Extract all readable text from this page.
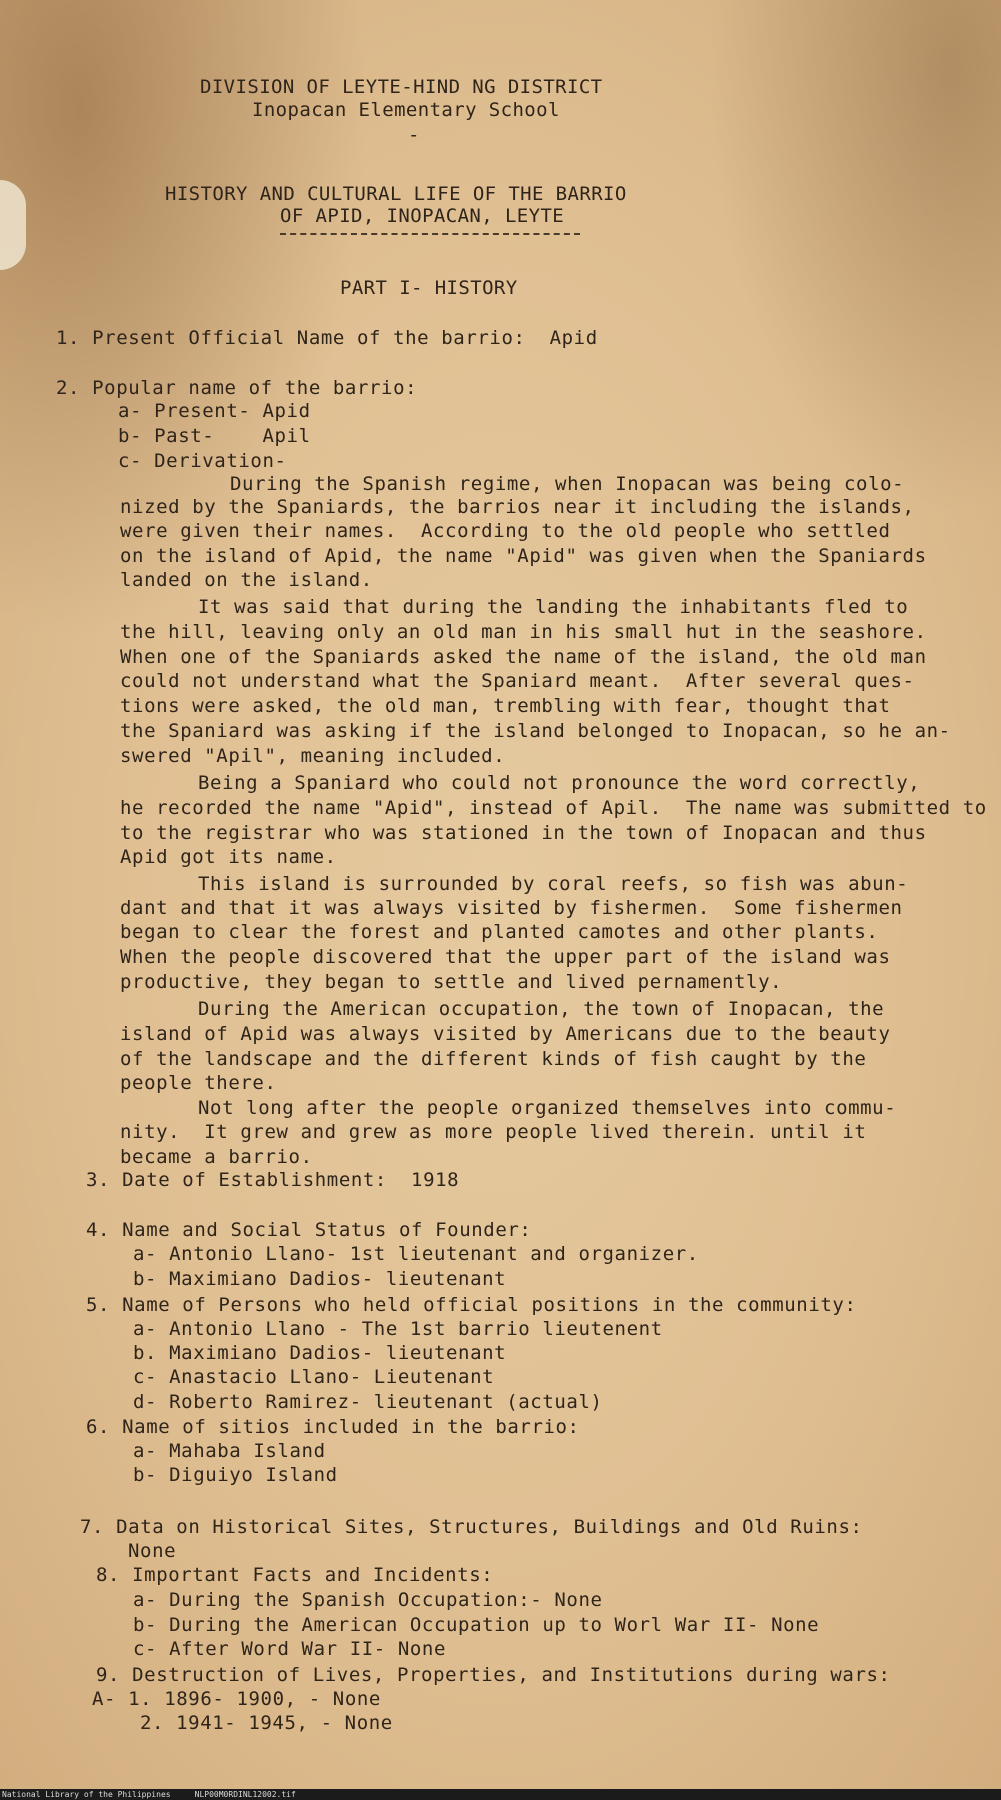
DIVISION OF LEYTE-HIND NG DISTRICT
Inopacan Elementary School
-
HISTORY AND CULTURAL LIFE OF THE BARRIO
OF APID, INOPACAN, LEYTE
PART I- HISTORY
1. Present Official Name of the barrio:  Apid
2. Popular name of the barrio:
a- Present- Apid
b- Past-    Apil
c- Derivation-
During the Spanish regime, when Inopacan was being colo-
nized by the Spaniards, the barrios near it including the islands,
were given their names.  According to the old people who settled
on the island of Apid, the name "Apid" was given when the Spaniards
landed on the island.
It was said that during the landing the inhabitants fled to
the hill, leaving only an old man in his small hut in the seashore.
When one of the Spaniards asked the name of the island, the old man
could not understand what the Spaniard meant.  After several ques-
tions were asked, the old man, trembling with fear, thought that
the Spaniard was asking if the island belonged to Inopacan, so he an-
swered "Apil", meaning included.
Being a Spaniard who could not pronounce the word correctly,
he recorded the name "Apid", instead of Apil.  The name was submitted to
to the registrar who was stationed in the town of Inopacan and thus
Apid got its name.
This island is surrounded by coral reefs, so fish was abun-
dant and that it was always visited by fishermen.  Some fishermen
began to clear the forest and planted camotes and other plants.
When the people discovered that the upper part of the island was
productive, they began to settle and lived pernamently.
During the American occupation, the town of Inopacan, the
island of Apid was always visited by Americans due to the beauty
of the landscape and the different kinds of fish caught by the
people there.
Not long after the people organized themselves into commu-
nity.  It grew and grew as more people lived therein. until it
became a barrio.
3. Date of Establishment:  1918
4. Name and Social Status of Founder:
a- Antonio Llano- 1st lieutenant and organizer.
b- Maximiano Dadios- lieutenant
5. Name of Persons who held official positions in the community:
a- Antonio Llano - The 1st barrio lieutenent
b. Maximiano Dadios- lieutenant
c- Anastacio Llano- Lieutenant
d- Roberto Ramirez- lieutenant (actual)
6. Name of sitios included in the barrio:
a- Mahaba Island
b- Diguiyo Island
7. Data on Historical Sites, Structures, Buildings and Old Ruins:
None
8. Important Facts and Incidents:
a- During the Spanish Occupation:- None
b- During the American Occupation up to Worl War II- None
c- After Word War II- None
9. Destruction of Lives, Properties, and Institutions during wars:
A- 1. 1896- 1900, - None
2. 1941- 1945, - None
National Library of the Philippines     NLP00M0RDINL12002.tif
